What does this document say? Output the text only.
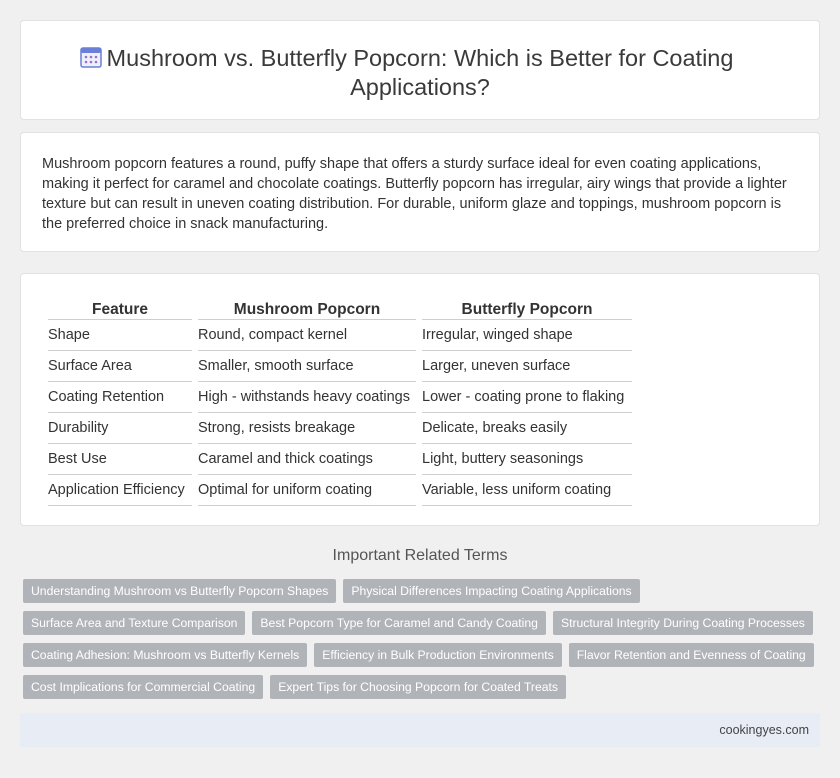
Mushroom vs. Butterfly Popcorn: Which is Better for Coating Applications?

Mushroom popcorn features a round, puffy shape that offers a sturdy surface ideal for even coating applications, making it perfect for caramel and chocolate coatings. Butterfly popcorn has irregular, airy wings that provide a lighter texture but can result in uneven coating distribution. For durable, uniform glaze and toppings, mushroom popcorn is the preferred choice in snack manufacturing.

Feature	Mushroom Popcorn	Butterfly Popcorn
Shape	Round, compact kernel	Irregular, winged shape
Surface Area	Smaller, smooth surface	Larger, uneven surface
Coating Retention	High - withstands heavy coatings	Lower - coating prone to flaking
Durability	Strong, resists breakage	Delicate, breaks easily
Best Use	Caramel and thick coatings	Light, buttery seasonings
Application Efficiency	Optimal for uniform coating	Variable, less uniform coating
Important Related Terms
Understanding Mushroom vs Butterfly Popcorn Shapes	Physical Differences Impacting Coating Applications
Surface Area and Texture Comparison	Best Popcorn Type for Caramel and Candy Coating	Structural Integrity During Coating Processes
Coating Adhesion: Mushroom vs Butterfly Kernels	Efficiency in Bulk Production Environments	Flavor Retention and Evenness of Coating
Cost Implications for Commercial Coating	Expert Tips for Choosing Popcorn for Coated Treats
cookingyes.com
